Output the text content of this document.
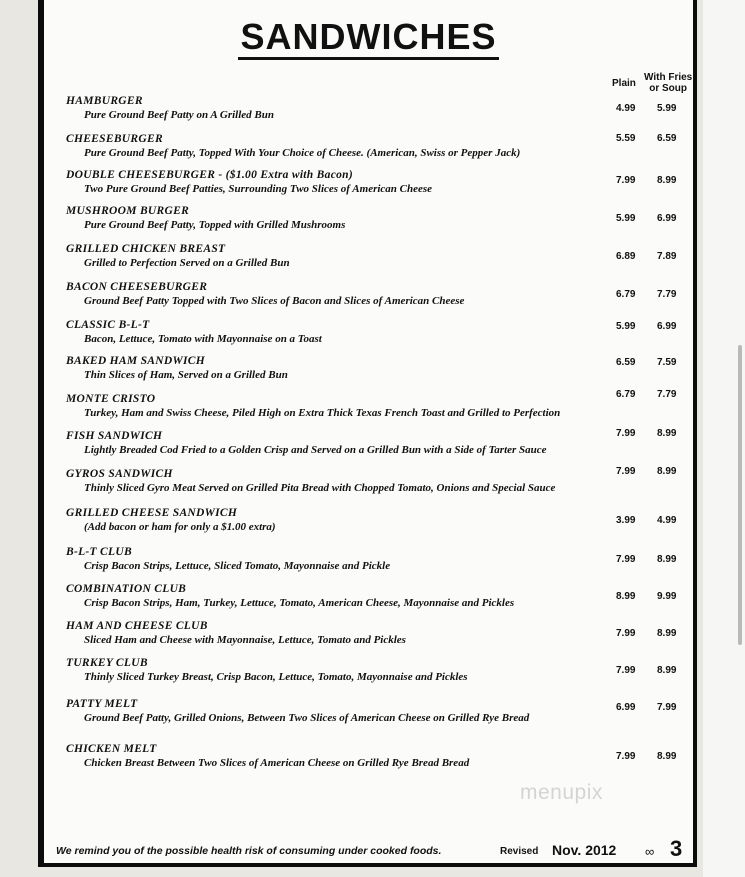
SANDWICHES
Plain
With Fries
or Soup
HAMBURGER
Pure Ground Beef Patty on A Grilled Bun
4.99 5.99
CHEESEBURGER
Pure Ground Beef Patty, Topped With Your Choice of Cheese. (American, Swiss or Pepper Jack)
5.59 6.59
DOUBLE CHEESEBURGER - ($1.00 Extra with Bacon)
Two Pure Ground Beef Patties, Surrounding Two Slices of American Cheese
7.99 8.99
MUSHROOM BURGER
Pure Ground Beef Patty, Topped with Grilled Mushrooms
5.99 6.99
GRILLED CHICKEN BREAST
Grilled to Perfection Served on a Grilled Bun
6.89 7.89
BACON CHEESEBURGER
Ground Beef Patty Topped with Two Slices of Bacon and Slices of American Cheese
6.79 7.79
CLASSIC B-L-T
Bacon, Lettuce, Tomato with Mayonnaise on a Toast
5.99 6.99
BAKED HAM SANDWICH
Thin Slices of Ham, Served on a Grilled Bun
6.59 7.59
MONTE CRISTO
Turkey, Ham and Swiss Cheese, Piled High on Extra Thick Texas French Toast and Grilled to Perfection
6.79 7.79
FISH SANDWICH
Lightly Breaded Cod Fried to a Golden Crisp and Served on a Grilled Bun with a Side of Tarter Sauce
7.99 8.99
GYROS SANDWICH
Thinly Sliced Gyro Meat Served on Grilled Pita Bread with Chopped Tomato, Onions and Special Sauce
7.99 8.99
GRILLED CHEESE SANDWICH
(Add bacon or ham for only a $1.00 extra)
3.99 4.99
B-L-T CLUB
Crisp Bacon Strips, Lettuce, Sliced Tomato, Mayonnaise and Pickle
7.99 8.99
COMBINATION CLUB
Crisp Bacon Strips, Ham, Turkey, Lettuce, Tomato, American Cheese, Mayonnaise and Pickles
8.99 9.99
HAM AND CHEESE CLUB
Sliced Ham and Cheese with Mayonnaise, Lettuce, Tomato and Pickles
7.99 8.99
TURKEY CLUB
Thinly Sliced Turkey Breast, Crisp Bacon, Lettuce, Tomato, Mayonnaise and Pickles
7.99 8.99
PATTY MELT
Ground Beef Patty, Grilled Onions, Between Two Slices of American Cheese on Grilled Rye Bread
6.99 7.99
CHICKEN MELT
Chicken Breast Between Two Slices of American Cheese on Grilled Rye Bread Bread
7.99 8.99
menupix
We remind you of the possible health risk of consuming under cooked foods.	Revised Nov. 2012 ∞ 3
